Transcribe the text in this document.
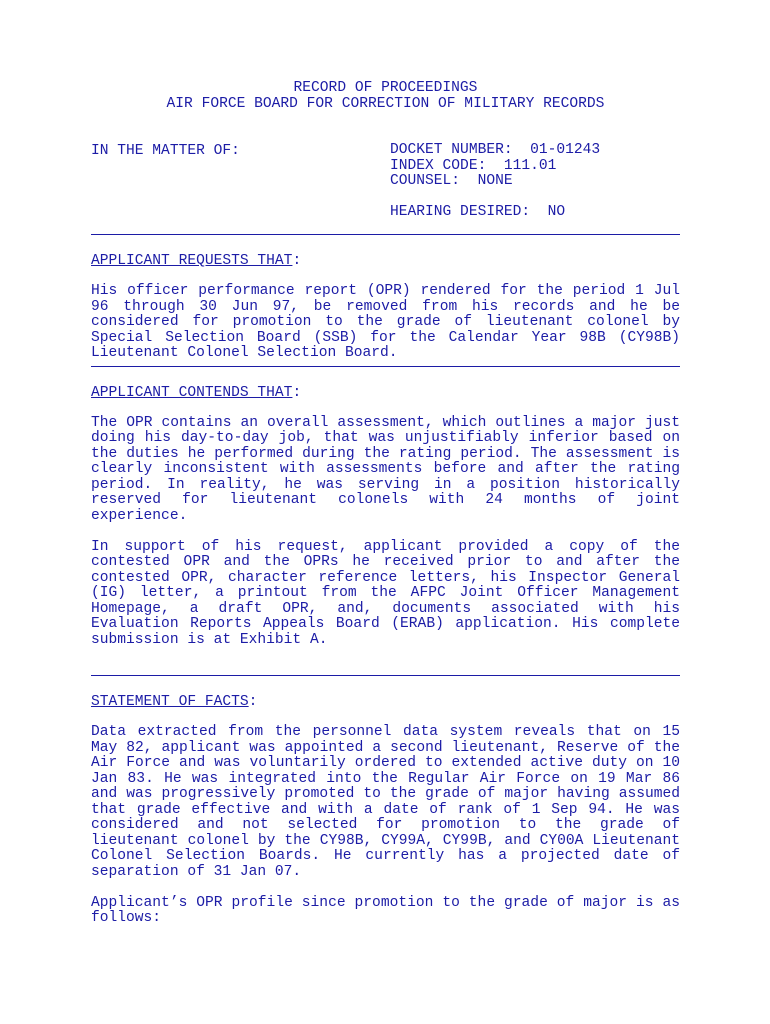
RECORD OF PROCEEDINGS
AIR FORCE BOARD FOR CORRECTION OF MILITARY RECORDS
IN THE MATTER OF:	DOCKET NUMBER:  01-01243
INDEX CODE:  111.01
COUNSEL:  NONE
HEARING DESIRED:  NO
APPLICANT REQUESTS THAT:

His officer performance report (OPR) rendered for the period 1 Jul 96 through 30 Jun 97, be removed from his records and he be considered for promotion to the grade of lieutenant colonel by Special Selection Board (SSB) for the Calendar Year 98B (CY98B) Lieutenant Colonel Selection Board.

APPLICANT CONTENDS THAT:

The OPR contains an overall assessment, which outlines a major just doing his day-to-day job, that was unjustifiably inferior based on the duties he performed during the rating period. The assessment is clearly inconsistent with assessments before and after the rating period. In reality, he was serving in a position historically reserved for lieutenant colonels with 24 months of joint experience.

In support of his request, applicant provided a copy of the contested OPR and the OPRs he received prior to and after the contested OPR, character reference letters, his Inspector General (IG) letter, a printout from the AFPC Joint Officer Management Homepage, a draft OPR, and, documents associated with his Evaluation Reports Appeals Board (ERAB) application. His complete submission is at Exhibit A.

STATEMENT OF FACTS:

Data extracted from the personnel data system reveals that on 15 May 82, applicant was appointed a second lieutenant, Reserve of the Air Force and was voluntarily ordered to extended active duty on 10 Jan 83. He was integrated into the Regular Air Force on 19 Mar 86 and was progressively promoted to the grade of major having assumed that grade effective and with a date of rank of 1 Sep 94. He was considered and not selected for promotion to the grade of lieutenant colonel by the CY98B, CY99A, CY99B, and CY00A Lieutenant Colonel Selection Boards. He currently has a projected date of separation of 31 Jan 07.

Applicant’s OPR profile since promotion to the grade of major is as follows:
